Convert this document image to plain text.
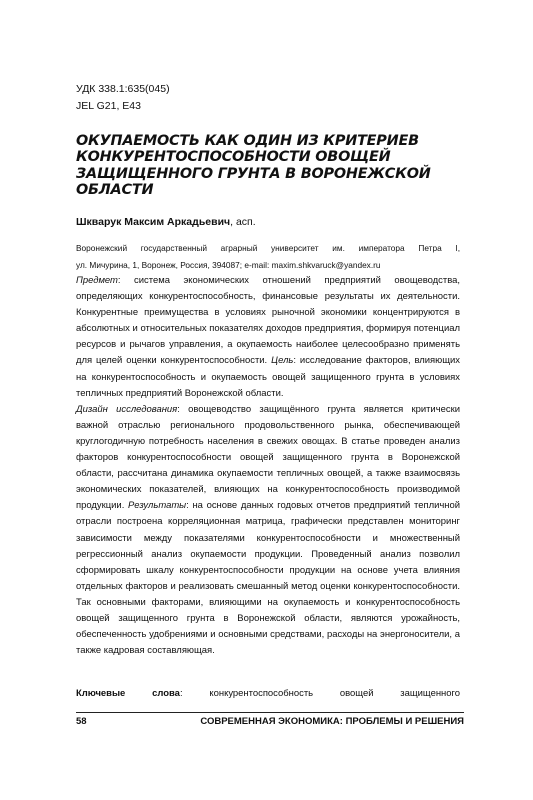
УДК 338.1:635(045)
JEL G21, E43
ОКУПАЕМОСТЬ КАК ОДИН ИЗ КРИТЕРИЕВ КОНКУРЕНТОСПОСОБНОСТИ ОВОЩЕЙ ЗАЩИЩЕННОГО ГРУНТА В ВОРОНЕЖСКОЙ ОБЛАСТИ
Шкварук Максим Аркадьевич, асп.
Воронежский государственный аграрный университет им. императора Петра I,
ул. Мичурина, 1, Воронеж, Россия, 394087; e-mail: maxim.shkvaruck@yandex.ru
Предмет: система экономических отношений предприятий овощеводства, определяющих конкурентоспособность, финансовые результаты их деятельности. Конкурентные преимущества в условиях рыночной экономики концентрируются в абсолютных и относительных показателях доходов предприятия, формируя потенциал ресурсов и рычагов управления, а окупаемость наиболее целесообразно применять для целей оценки конкурентоспособности. Цель: исследование факторов, влияющих на конкурентоспособность и окупаемость овощей защищенного грунта в условиях тепличных предприятий Воронежской области.
Дизайн исследования: овощеводство защищённого грунта является критически важной отраслью регионального продовольственного рынка, обеспечивающей круглогодичную потребность населения в свежих овощах. В статье проведен анализ факторов конкурентоспособности овощей защищенного грунта в Воронежской области, рассчитана динамика окупаемости тепличных овощей, а также взаимосвязь экономических показателей, влияющих на конкурентоспособность производимой продукции. Результаты: на основе данных годовых отчетов предприятий тепличной отрасли построена корреляционная матрица, графически представлен мониторинг зависимости между показателями конкурентоспособности и множественный регрессионный анализ окупаемости продукции. Проведенный анализ позволил сформировать шкалу конкурентоспособности продукции на основе учета влияния отдельных факторов и реализовать смешанный метод оценки конкурентоспособности. Так основными факторами, влияющими на окупаемость и конкурентоспособность овощей защищенного грунта в Воронежской области, являются урожайность, обеспеченность удобрениями и основными средствами, расходы на энергоносители, а также кадровая составляющая.
Ключевые слова: конкурентоспособность овощей защищенного
58	СОВРЕМЕННАЯ ЭКОНОМИКА: ПРОБЛЕМЫ И РЕШЕНИЯ
